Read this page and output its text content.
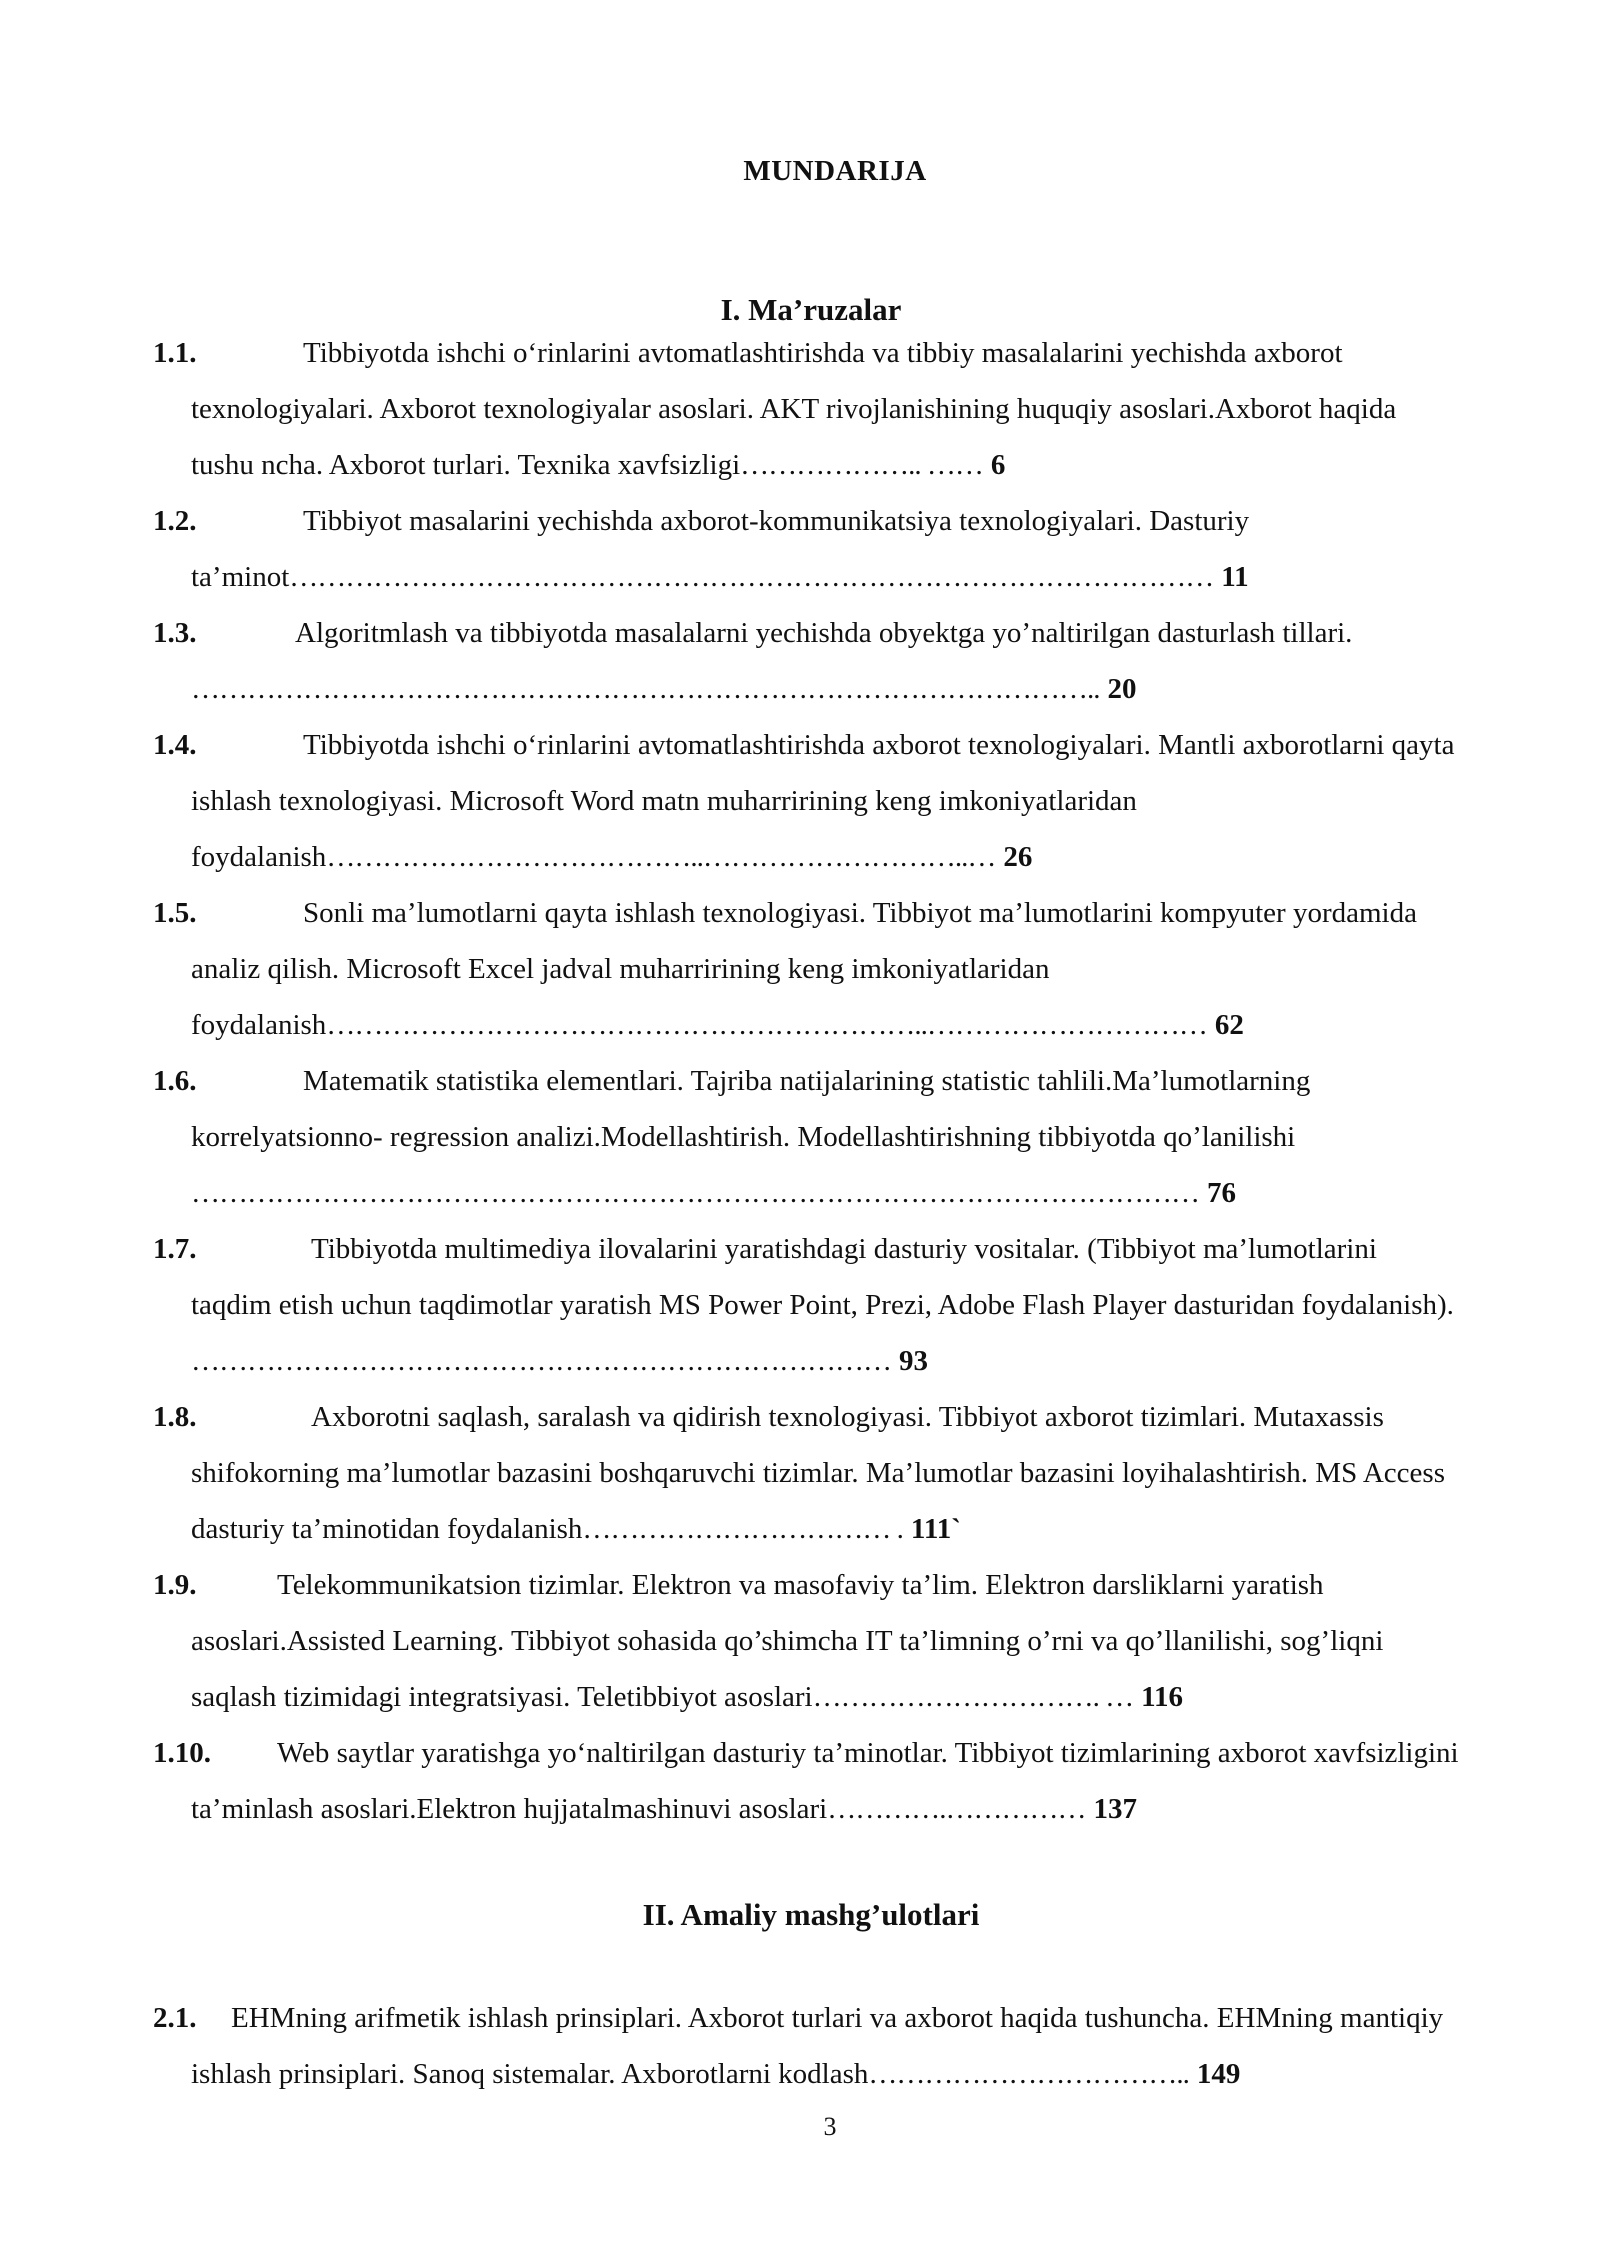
MUNDARIJA
I. Ma’ruzalar
1.1.	Tibbiyotda ishchi o‘rinlarini avtomatlashtirishda va tibbiy masalalarini yechishda axborot texnologiyalari. Axborot texnologiyalar asoslari. AKT rivojlanishining huquqiy asoslari.Axborot haqida tushu ncha. Axborot turlari. Texnika xavfsizligi……………….. …… 6
1.2.	Tibbiyot masalarini yechishda axborot-kommunikatsiya texnologiyalari. Dasturiy ta’minot……………………………………………………………………………………… 11
1.3.	Algoritmlash va tibbiyotda masalalarni yechishda obyektga yo’naltirilgan dasturlash tillari. …………………………………………………………………………………….. 20
1.4.	Tibbiyotda ishchi o‘rinlarini avtomatlashtirishda axborot texnologiyalari. Mantli axborotlarni qayta ishlash texnologiyasi. Microsoft Word matn muharririning keng imkoniyatlaridan foydalanish…………………………………..………………………..… 26
1.5.	Sonli ma’lumotlarni qayta ishlash texnologiyasi. Tibbiyot ma’lumotlarini kompyuter yordamida analiz qilish. Microsoft Excel jadval muharririning keng imkoniyatlaridan foydalanish………………………………………………………..………………………… 62
1.6.	Matematik statistika elementlari. Tajriba natijalarining statistic tahlili.Ma’lumotlarning korrelyatsionno- regression analizi.Modellashtirish. Modellashtirishning tibbiyotda qo’lanilishi ……………………………………………………………………………………………… 76
1.7.	Tibbiyotda multimediya ilovalarini yaratishdagi dasturiy vositalar. (Tibbiyot ma’lumotlarini taqdim etish uchun taqdimotlar yaratish MS Power Point, Prezi, Adobe Flash Player dasturidan foydalanish). ………………………………………………………………… 93
1.8.	Axborotni saqlash, saralash va qidirish texnologiyasi. Tibbiyot axborot tizimlari. Mutaxassis shifokorning ma’lumotlar bazasini boshqaruvchi tizimlar. Ma’lumotlar bazasini loyihalashtirish. MS Access dasturiy ta’minotidan foydalanish…………………………… . 111`
1.9.	Telekommunikatsion tizimlar. Elektron va masofaviy ta’lim. Elektron darsliklarni yaratish asoslari.Assisted Learning. Tibbiyot sohasida qo’shimcha IT ta’limning o’rni va qo’llanilishi, sog’liqni saqlash tizimidagi integratsiyasi. Teletibbiyot asoslari…………………………. … 116
1.10.	Web saytlar yaratishga yo‘naltirilgan dasturiy ta’minotlar. Tibbiyot tizimlarining axborot xavfsizligini ta’minlash asoslari.Elektron hujjatalmashinuvi asoslari………….…………… 137
II. Amaliy mashg’ulotlari
2.1.	EHMning arifmetik ishlash prinsiplari. Axborot turlari va axborot haqida tushuncha. EHMning mantiqiy ishlash prinsiplari. Sanoq sistemalar. Axborotlarni kodlash…………………………….. 149
3
